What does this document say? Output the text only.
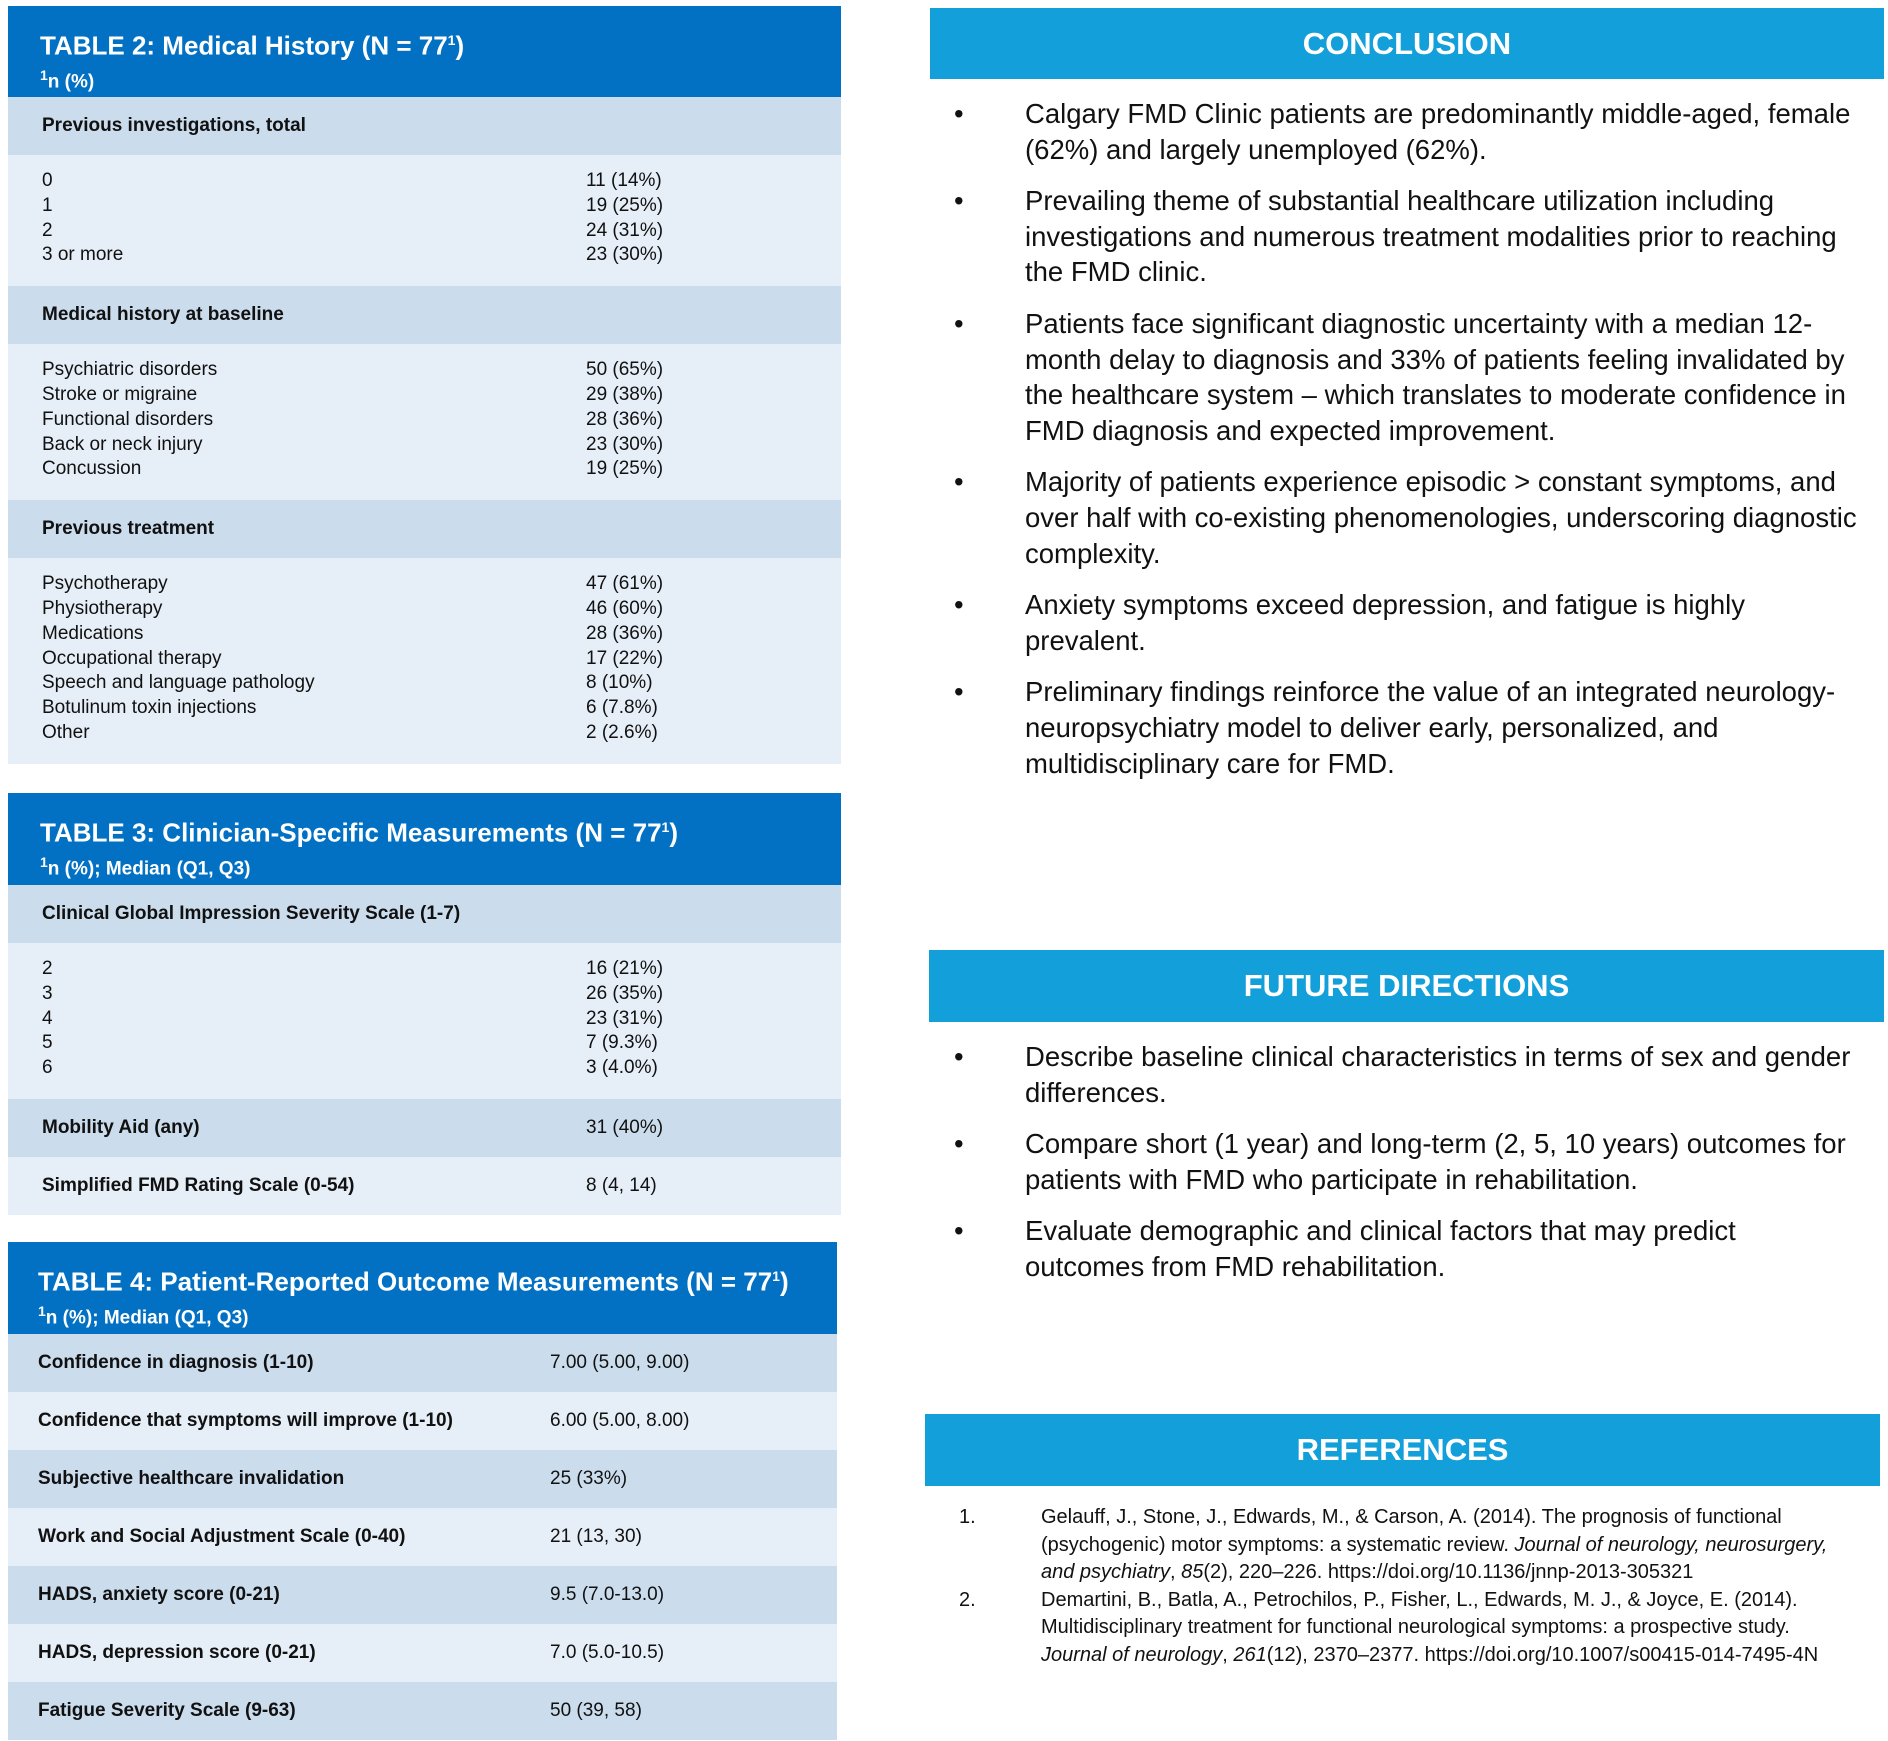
TABLE 2: Medical History $(N = 77^1)$
$^1$n (%)
Previous investigations, total
0	11 (14%)
1	19 (25%)
2	24 (31%)
3 or more	23 (30%)
Medical history at baseline
Psychiatric disorders	50 (65%)
Stroke or migraine	29 (38%)
Functional disorders	28 (36%)
Back or neck injury	23 (30%)
Concussion	19 (25%)
Previous treatment
Psychotherapy	47 (61%)
Physiotherapy	46 (60%)
Medications	28 (36%)
Occupational therapy	17 (22%)
Speech and language pathology	8 (10%)
Botulinum toxin injections	6 (7.8%)
Other	2 (2.6%)
TABLE 3: Clinician-Specific Measurements $(N = 77^1)$
$^1$n (%); Median (Q1, Q3)
Clinical Global Impression Severity Scale (1-7)
2	16 (21%)
3	26 (35%)
4	23 (31%)
5	7 (9.3%)
6	3 (4.0%)
Mobility Aid (any)	31 (40%)
Simplified FMD Rating Scale (0-54)	8 (4, 14)
TABLE 4: Patient-Reported Outcome Measurements $(N = 77^1)$
$^1$n (%); Median (Q1, Q3)
Confidence in diagnosis (1-10)	7.00 (5.00, 9.00)
Confidence that symptoms will improve (1-10)	6.00 (5.00, 8.00)
Subjective healthcare invalidation	25 (33%)
Work and Social Adjustment Scale (0-40)	21 (13, 30)
HADS, anxiety score (0-21)	9.5 (7.0-13.0)
HADS, depression score (0-21)	7.0 (5.0-10.5)
Fatigue Severity Scale (9-63)	50 (39, 58)
CONCLUSION
• Calgary FMD Clinic patients are predominantly middle-aged, female (62%) and largely unemployed (62%).
• Prevailing theme of substantial healthcare utilization including investigations and numerous treatment modalities prior to reaching the FMD clinic.
• Patients face significant diagnostic uncertainty with a median 12-month delay to diagnosis and 33% of patients feeling invalidated by the healthcare system – which translates to moderate confidence in FMD diagnosis and expected improvement.
• Majority of patients experience episodic > constant symptoms, and over half with co-existing phenomenologies, underscoring diagnostic complexity.
• Anxiety symptoms exceed depression, and fatigue is highly prevalent.
• Preliminary findings reinforce the value of an integrated neurology-neuropsychiatry model to deliver early, personalized, and multidisciplinary care for FMD.
FUTURE DIRECTIONS
• Describe baseline clinical characteristics in terms of sex and gender differences.
• Compare short (1 year) and long-term (2, 5, 10 years) outcomes for patients with FMD who participate in rehabilitation.
• Evaluate demographic and clinical factors that may predict outcomes from FMD rehabilitation.
REFERENCES
1.	Gelauff, J., Stone, J., Edwards, M., & Carson, A. (2014). The prognosis of functional (psychogenic) motor symptoms: a systematic review. Journal of neurology, neurosurgery, and psychiatry, 85(2), 220–226. https://doi.org/10.1136/jnnp-2013-305321
2.	Demartini, B., Batla, A., Petrochilos, P., Fisher, L., Edwards, M. J., & Joyce, E. (2014). Multidisciplinary treatment for functional neurological symptoms: a prospective study. Journal of neurology, 261(12), 2370–2377. https://doi.org/10.1007/s00415-014-7495-4N
